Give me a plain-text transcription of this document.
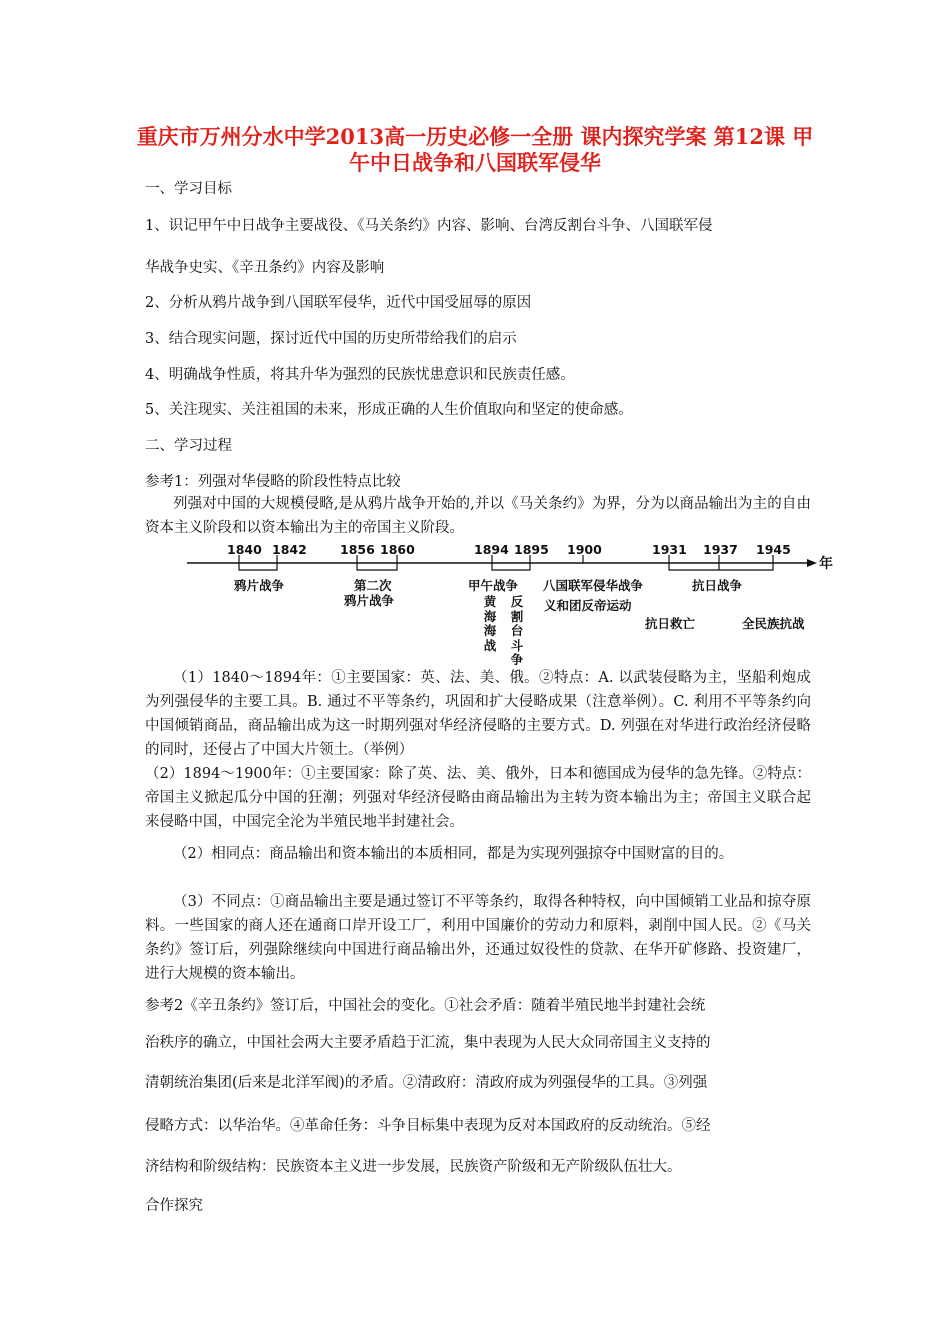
重庆市万州分水中学2013高一历史必修一全册 课内探究学案 第12课 甲午中日战争和八国联军侵华
一、学习目标
1、识记甲午中日战争主要战役、《马关条约》内容、影响、台湾反割台斗争、八国联军侵
华战争史实、《辛丑条约》内容及影响
2、分析从鸦片战争到八国联军侵华，近代中国受屈辱的原因
3、结合现实问题，探讨近代中国的历史所带给我们的启示
4、明确战争性质，将其升华为强烈的民族忧患意识和民族责任感。
5、关注现实、关注祖国的未来，形成正确的人生价值取向和坚定的使命感。
二、学习过程
参考1：列强对华侵略的阶段性特点比较
列强对中国的大规模侵略,是从鸦片战争开始的,并以《马关条约》为界，分为以商品输出为主的自由资本主义阶段和以资本输出为主的帝国主义阶段。
1840 1842	1856 1860	1894 1895 1900	1931 1937 1945
年
鸦片战争	第二次
鸦片战争
甲午战争 八国联军侵华战争	抗日战争
黄海海战
反割台斗争
义和团反帝运动
抗日救亡	全民族抗战
（1）1840～1894年：①主要国家：英、法、美、俄。②特点：A. 以武装侵略为主，坚船利炮成为列强侵华的主要工具。B. 通过不平等条约，巩固和扩大侵略成果（注意举例）。C. 利用不平等条约向中国倾销商品，商品输出成为这一时期列强对华经济侵略的主要方式。D. 列强在对华进行政治经济侵略的同时，还侵占了中国大片领土。（举例）
（2）1894～1900年：①主要国家：除了英、法、美、俄外，日本和德国成为侵华的急先锋。②特点：帝国主义掀起瓜分中国的狂潮；列强对华经济侵略由商品输出为主转为资本输出为主；帝国主义联合起来侵略中国，中国完全沦为半殖民地半封建社会。
（2）相同点：商品输出和资本输出的本质相同，都是为实现列强掠夺中国财富的目的。
（3）不同点：①商品输出主要是通过签订不平等条约，取得各种特权，向中国倾销工业品和掠夺原料。一些国家的商人还在通商口岸开设工厂，利用中国廉价的劳动力和原料，剥削中国人民。②《马关条约》签订后，列强除继续向中国进行商品输出外，还通过奴役性的贷款、在华开矿修路、投资建厂，进行大规模的资本输出。
参考2《辛丑条约》签订后，中国社会的变化。①社会矛盾：随着半殖民地半封建社会统
治秩序的确立，中国社会两大主要矛盾趋于汇流，集中表现为人民大众同帝国主义支持的
清朝统治集团(后来是北洋军阀)的矛盾。②清政府：清政府成为列强侵华的工具。③列强
侵略方式：以华治华。④革命任务：斗争目标集中表现为反对本国政府的反动统治。⑤经
济结构和阶级结构：民族资本主义进一步发展，民族资产阶级和无产阶级队伍壮大。
合作探究
